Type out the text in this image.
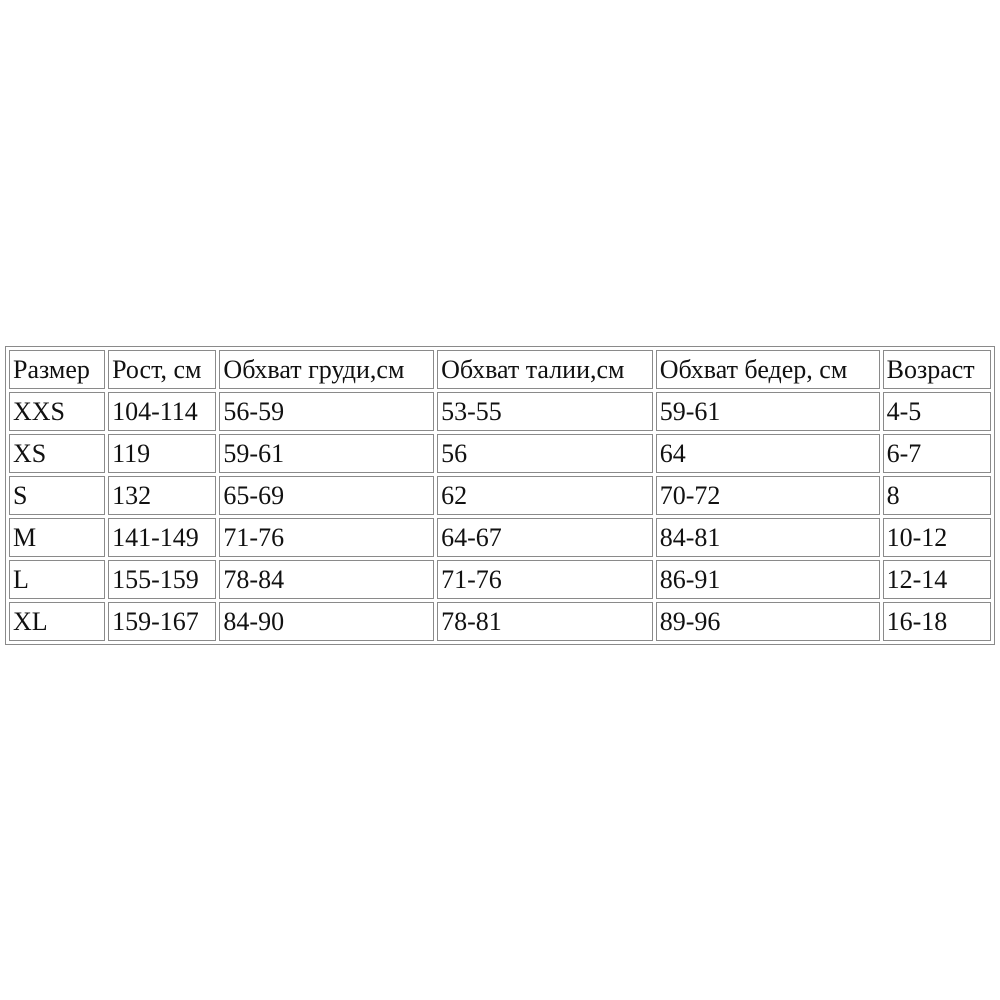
Размер	Рост, см	Обхват груди,см	Обхват талии,см	Обхват бедер, см	Возраст
XXS	104-114	56-59	53-55	59-61	4-5
XS	119	59-61	56	64	6-7
S	132	65-69	62	70-72	8
M	141-149	71-76	64-67	84-81	10-12
L	155-159	78-84	71-76	86-91	12-14
XL	159-167	84-90	78-81	89-96	16-18
